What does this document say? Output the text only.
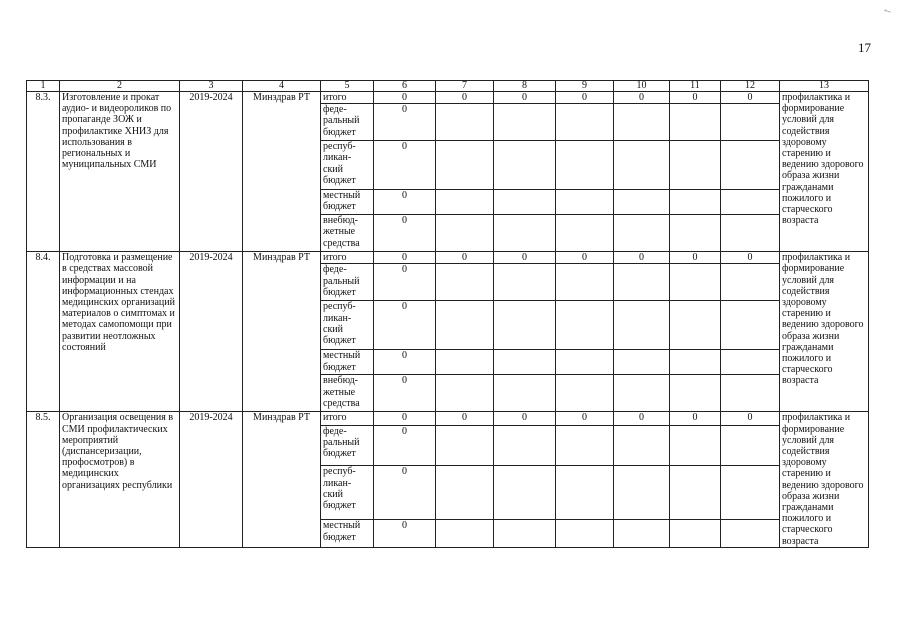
↖
17
1	2	3	4	5	6	7	8	9	10	11	12	13
8.3.	Изготовление и прокат аудио- и видеороликов по пропаганде ЗОЖ и профилактике ХНИЗ для использования в региональных и муниципальных СМИ	2019-2024	Минздрав РТ	итого	0	0	0	0	0	0	0	профилактика и формирование условий для содействия здоровому старению и ведению здорового образа жизни гражданами пожилого и старческого возраста
				феде-ральный бюджет	0							
				респуб-ликан-ский бюджет	0							
				местный бюджет	0							
				внебюд-жетные средства	0							
8.4.	Подготовка и размещение в средствах массовой информации и на информационных стендах медицинских организаций материалов о симптомах и методах самопомощи при развитии неотложных состояний	2019-2024	Минздрав РТ	итого	0	0	0	0	0	0	0	профилактика и формирование условий для содействия здоровому старению и ведению здорового образа жизни гражданами пожилого и старческого возраста
				феде-ральный бюджет	0							
				респуб-ликан-ский бюджет	0							
				местный бюджет	0							
				внебюд-жетные средства	0							
8.5.	Организация освещения в СМИ профилактических мероприятий (диспансеризации, профосмотров) в медицинских организациях республики	2019-2024	Минздрав РТ	итого	0	0	0	0	0	0	0	профилактика и формирование условий для содействия здоровому старению и ведению здорового образа жизни гражданами пожилого и старческого возраста
				феде-ральный бюджет	0							
				респуб-ликан-ский бюджет	0							
				местный бюджет	0							
